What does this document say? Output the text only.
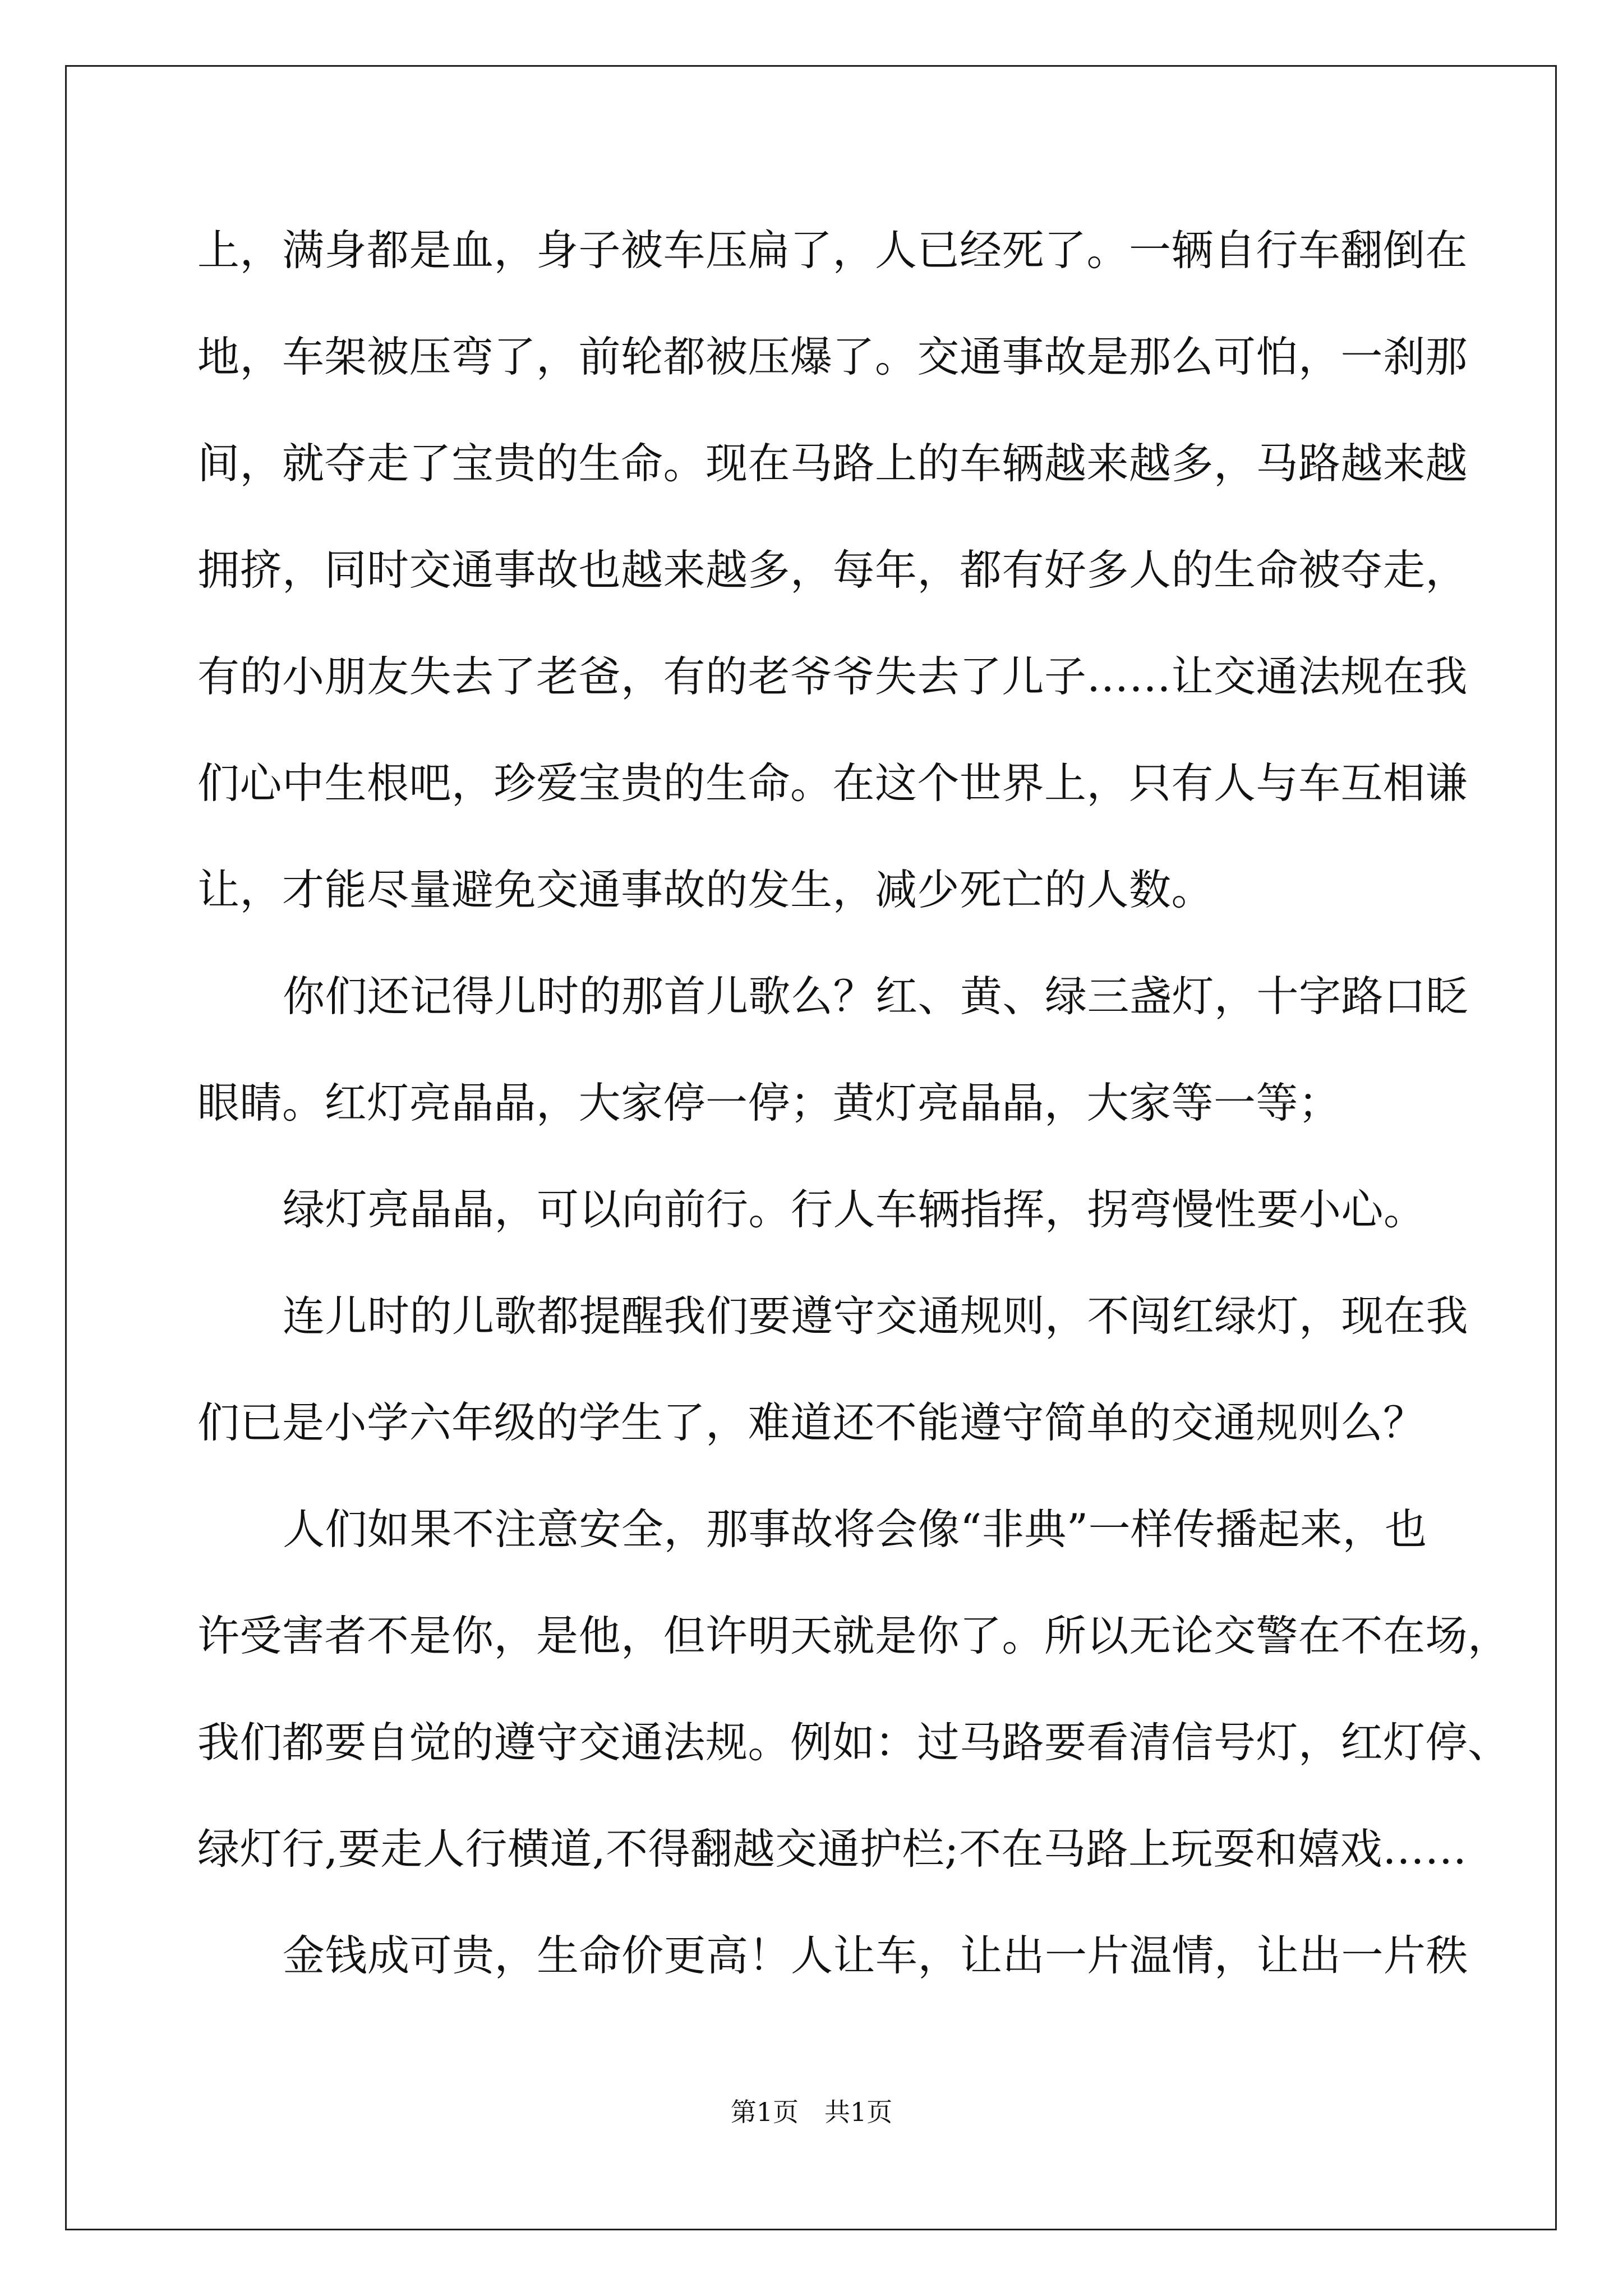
上，满身都是血，身子被车压扁了，人已经死了。一辆自行车翻倒在
地，车架被压弯了，前轮都被压爆了。交通事故是那么可怕，一刹那
间，就夺走了宝贵的生命。现在马路上的车辆越来越多，马路越来越
拥挤，同时交通事故也越来越多，每年，都有好多人的生命被夺走，
有的小朋友失去了老爸，有的老爷爷失去了儿子……让交通法规在我
们心中生根吧，珍爱宝贵的生命。在这个世界上，只有人与车互相谦
让，才能尽量避免交通事故的发生，减少死亡的人数。
你们还记得儿时的那首儿歌么？红、黄、绿三盏灯，十字路口眨
眼睛。红灯亮晶晶，大家停一停；黄灯亮晶晶，大家等一等；
绿灯亮晶晶，可以向前行。行人车辆指挥，拐弯慢性要小心。
连儿时的儿歌都提醒我们要遵守交通规则，不闯红绿灯，现在我
们已是小学六年级的学生了，难道还不能遵守简单的交通规则么？
人们如果不注意安全，那事故将会像“非典”一样传播起来，也
许受害者不是你，是他，但许明天就是你了。所以无论交警在不在场，
我们都要自觉的遵守交通法规。例如：过马路要看清信号灯，红灯停、
绿灯行,要走人行横道,不得翻越交通护栏;不在马路上玩耍和嬉戏……
金钱成可贵，生命价更高！人让车，让出一片温情，让出一片秩
第1页　共1页
